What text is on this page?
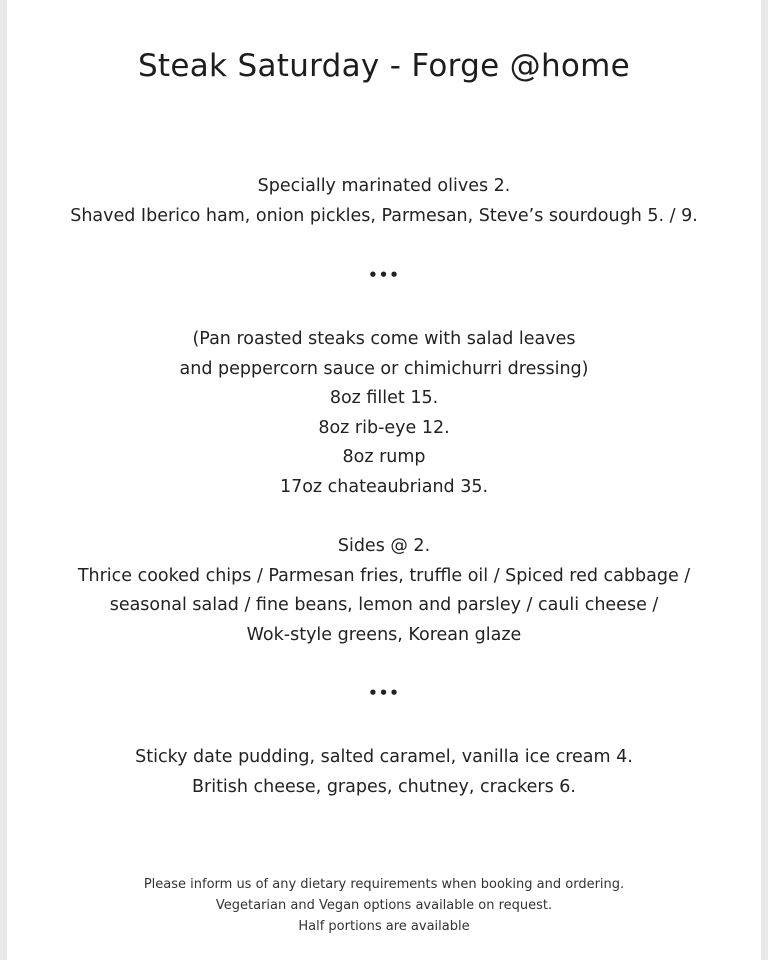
Steak Saturday - Forge @home
Specially marinated olives 2.
Shaved Iberico ham, onion pickles, Parmesan, Steve’s sourdough 5. / 9.
•••
(Pan roasted steaks come with salad leaves
and peppercorn sauce or chimichurri dressing)
8oz fillet 15.
8oz rib-eye 12.
8oz rump
17oz chateaubriand 35.
Sides @ 2.
Thrice cooked chips / Parmesan fries, truffle oil / Spiced red cabbage /
seasonal salad / fine beans, lemon and parsley / cauli cheese /
Wok-style greens, Korean glaze
•••
Sticky date pudding, salted caramel, vanilla ice cream 4.
British cheese, grapes, chutney, crackers 6.
Please inform us of any dietary requirements when booking and ordering.
Vegetarian and Vegan options available on request.
Half portions are available
